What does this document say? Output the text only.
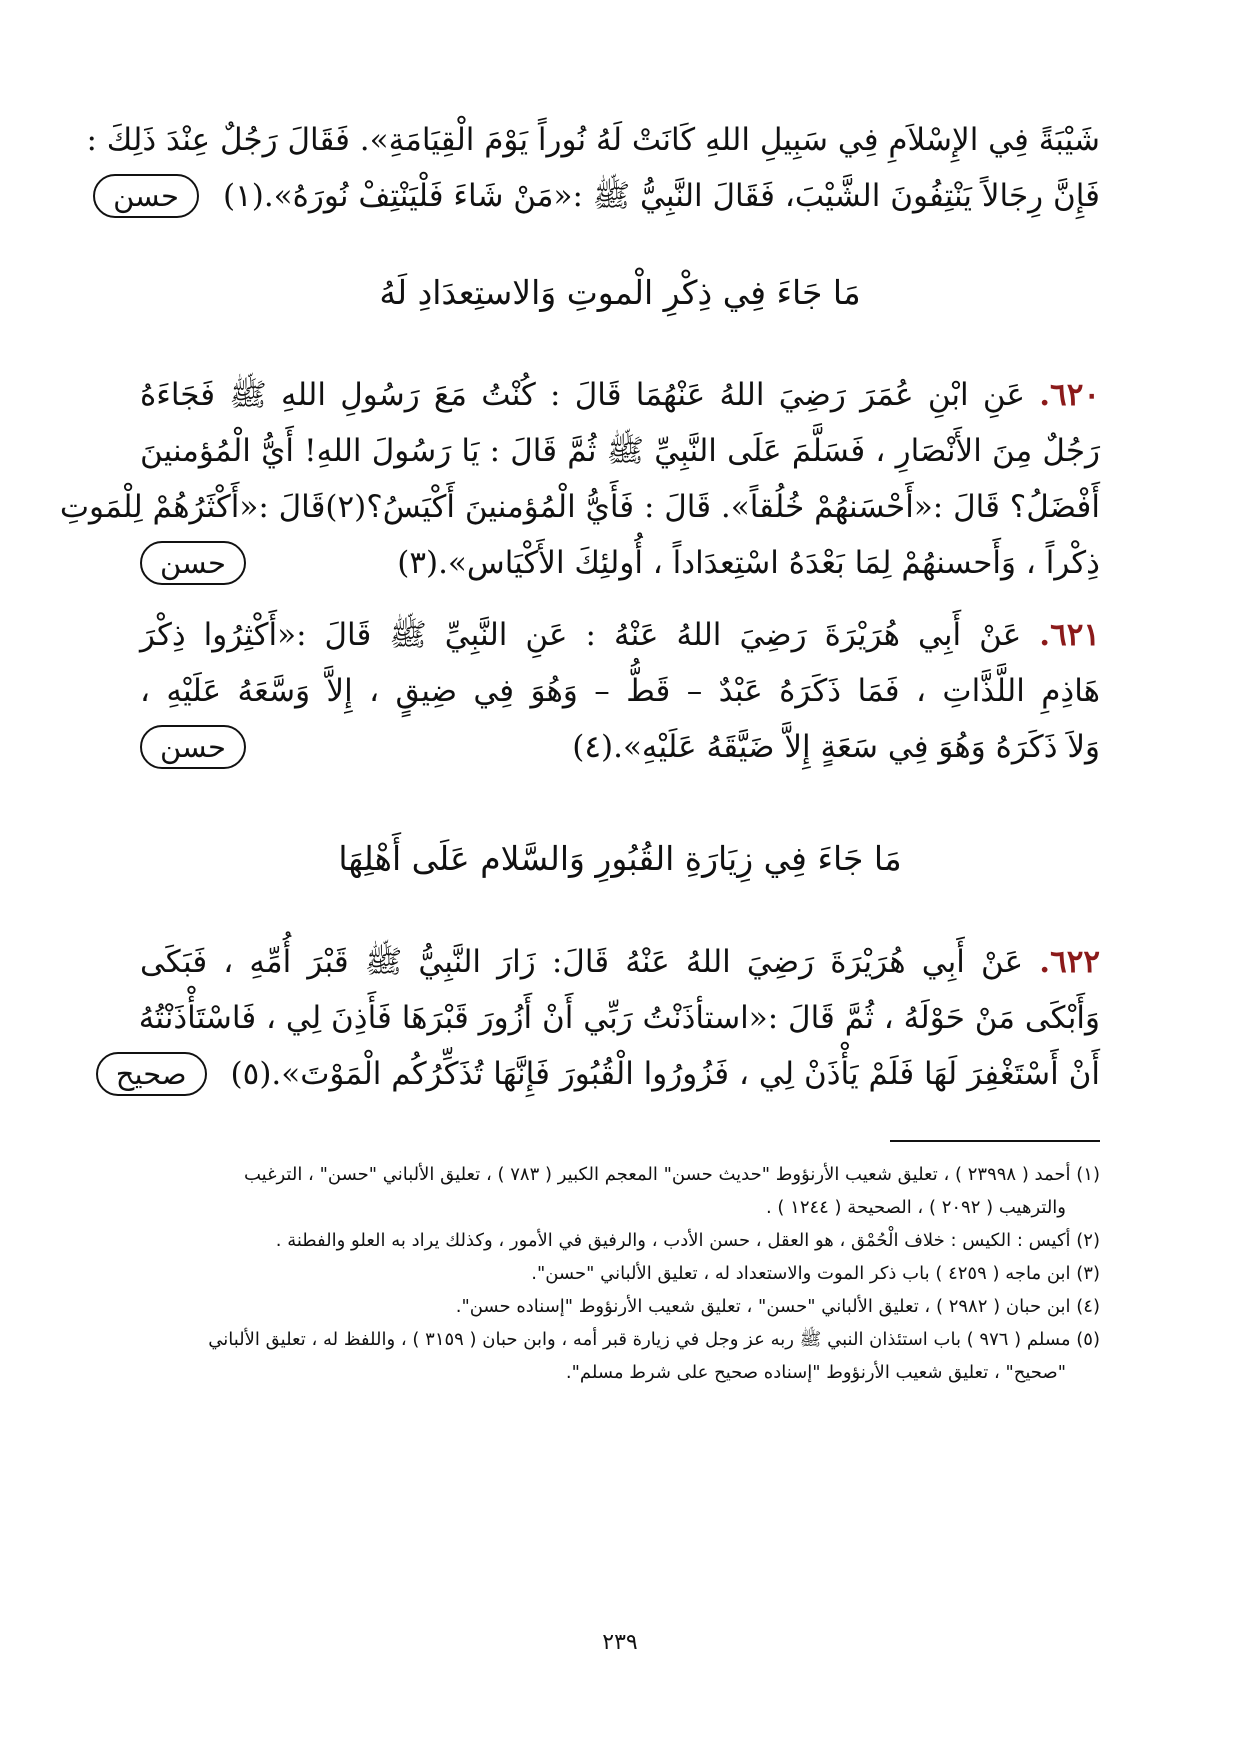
شَيْبَةً فِي الإِسْلاَمِ فِي سَبِيلِ اللهِ كَانَتْ لَهُ نُوراً يَوْمَ الْقِيَامَةِ». فَقَالَ رَجُلٌ عِنْدَ ذَلِكَ :
فَإِنَّ رِجَالاً يَنْتِفُونَ الشَّيْبَ، فَقَالَ النَّبِيُّ ﷺ :«مَنْ شَاءَ فَلْيَنْتِفْ نُورَهُ».(١)
حسن
مَا جَاءَ فِي ذِكْرِ الْموتِ وَالاستِعدَادِ لَهُ
٦٢٠. عَنِ ابْنِ عُمَرَ رَضِيَ اللهُ عَنْهُمَا قَالَ : كُنْتُ مَعَ رَسُولِ اللهِ ﷺ فَجَاءَهُ
رَجُلٌ مِنَ الأَنْصَارِ ، فَسَلَّمَ عَلَى النَّبِيِّ ﷺ ثُمَّ قَالَ : يَا رَسُولَ اللهِ! أَيُّ الْمُؤمنينَ
أَفْضَلُ؟ قَالَ :«أَحْسَنهُمْ خُلُقاً». قَالَ : فَأَيُّ الْمُؤمنينَ أَكْيَسُ؟(٢)قَالَ :«أَكْثَرُهُمْ لِلْمَوتِ
ذِكْراً ، وَأَحسنهُمْ لِمَا بَعْدَهُ اسْتِعدَاداً ، أُولئِكَ الأَكْيَاس».(٣)
حسن
٦٢١. عَنْ أَبِي هُرَيْرَةَ رَضِيَ اللهُ عَنْهُ : عَنِ النَّبِيِّ ﷺ قَالَ :«أَكْثِرُوا ذِكْرَ
هَاذِمِ اللَّذَّاتِ ، فَمَا ذَكَرَهُ عَبْدٌ – قَطُّ – وَهُوَ فِي ضِيقٍ ، إِلاَّ وَسَّعَهُ عَلَيْهِ ،
وَلاَ ذَكَرَهُ وَهُوَ فِي سَعَةٍ إِلاَّ ضَيَّقَهُ عَلَيْهِ».(٤)
حسن
مَا جَاءَ فِي زِيَارَةِ القُبُورِ وَالسَّلام عَلَى أَهْلِهَا
٦٢٢. عَنْ أَبِي هُرَيْرَةَ رَضِيَ اللهُ عَنْهُ قَالَ: زَارَ النَّبِيُّ ﷺ قَبْرَ أُمِّهِ ، فَبَكَى
وَأَبْكَى مَنْ حَوْلَهُ ، ثُمَّ قَالَ :«استأذَنْتُ رَبِّي أَنْ أَزُورَ قَبْرَهَا فَأَذِنَ لِي ، فَاسْتَأْذَنْتُهُ
أَنْ أَسْتَغْفِرَ لَهَا فَلَمْ يَأْذَنْ لِي ، فَزُورُوا الْقُبُورَ فَإِنَّهَا تُذَكِّرُكُم الْمَوْتَ».(٥)
صحيح
(١) أحمد ( ٢٣٩٩٨ ) ، تعليق شعيب الأرنؤوط "حديث حسن" المعجم الكبير ( ٧٨٣ ) ، تعليق الألباني "حسن" ، الترغيب
والترهيب ( ٢٠٩٢ ) ، الصحيحة ( ١٢٤٤ ) .
(٢) أكيس : الكيس : خلاف الْحُمْق ، هو العقل ، حسن الأدب ، والرفيق في الأمور ، وكذلك يراد به العلو والفطنة .
(٣) ابن ماجه ( ٤٢٥٩ ) باب ذكر الموت والاستعداد له ، تعليق الألباني "حسن".
(٤) ابن حبان ( ٢٩٨٢ ) ، تعليق الألباني "حسن" ، تعليق شعيب الأرنؤوط "إسناده حسن".
(٥) مسلم ( ٩٧٦ ) باب استئذان النبي ﷺ ربه عز وجل في زيارة قبر أمه ، وابن حبان ( ٣١٥٩ ) ، واللفظ له ، تعليق الألباني
"صحيح" ، تعليق شعيب الأرنؤوط "إسناده صحيح على شرط مسلم".
٢٣٩
